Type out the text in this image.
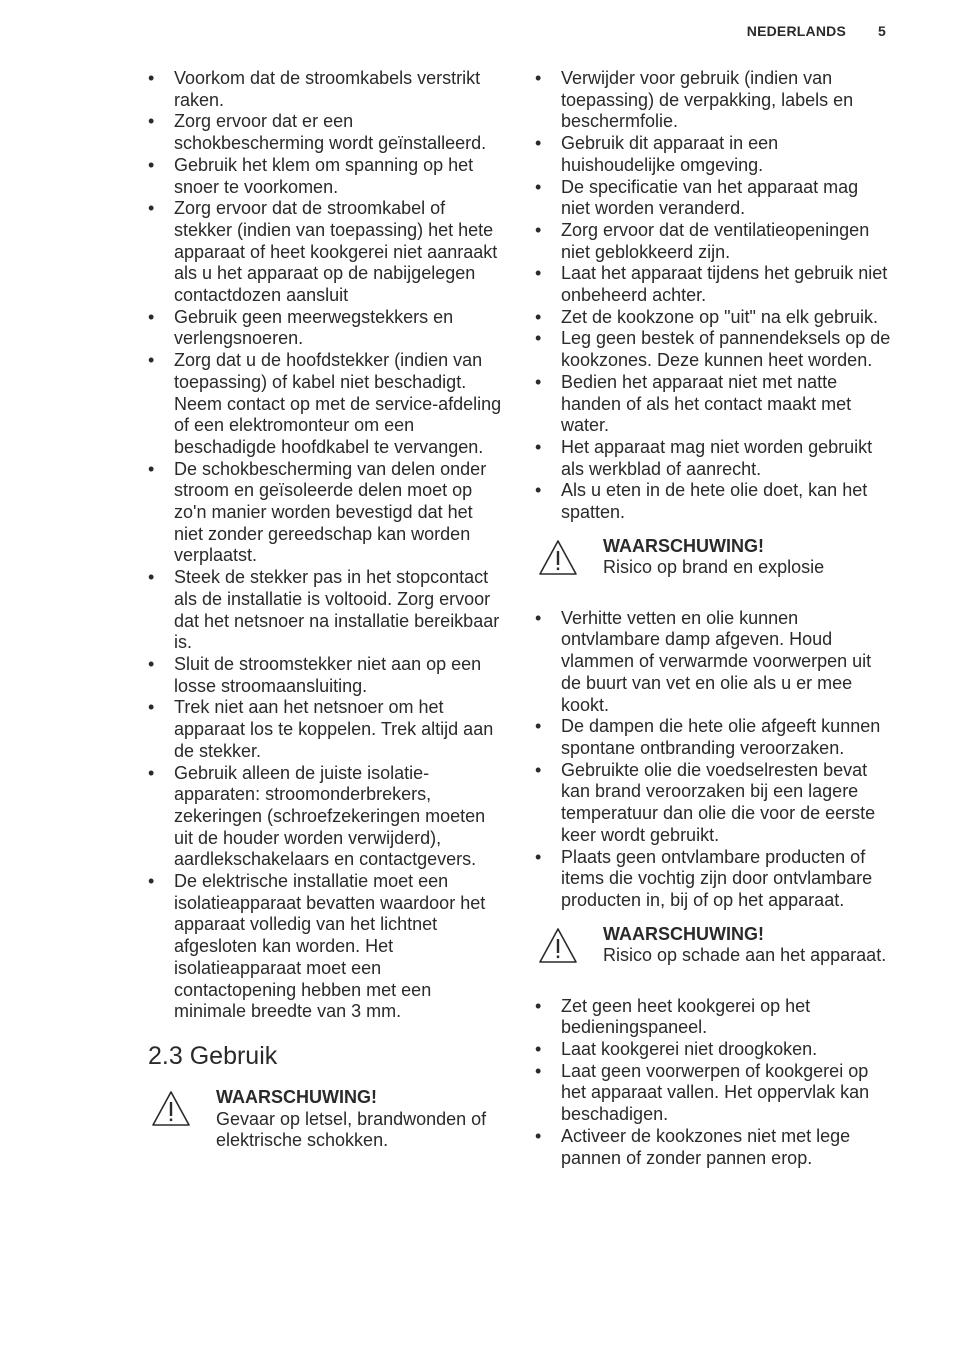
NEDERLANDS 5
• Voorkom dat de stroomkabels verstrikt raken.
• Zorg ervoor dat er een schokbescherming wordt geïnstalleerd.
• Gebruik het klem om spanning op het snoer te voorkomen.
• Zorg ervoor dat de stroomkabel of stekker (indien van toepassing) het hete apparaat of heet kookgerei niet aanraakt als u het apparaat op de nabijgelegen contactdozen aansluit
• Gebruik geen meerwegstekkers en verlengsnoeren.
• Zorg dat u de hoofdstekker (indien van toepassing) of kabel niet beschadigt. Neem contact op met de service-afdeling of een elektromonteur om een beschadigde hoofdkabel te vervangen.
• De schokbescherming van delen onder stroom en geïsoleerde delen moet op zo'n manier worden bevestigd dat het niet zonder gereedschap kan worden verplaatst.
• Steek de stekker pas in het stopcontact als de installatie is voltooid. Zorg ervoor dat het netsnoer na installatie bereikbaar is.
• Sluit de stroomstekker niet aan op een losse stroomaansluiting.
• Trek niet aan het netsnoer om het apparaat los te koppelen. Trek altijd aan de stekker.
• Gebruik alleen de juiste isolatie-apparaten: stroomonderbrekers, zekeringen (schroefzekeringen moeten uit de houder worden verwijderd), aardlekschakelaars en contactgevers.
• De elektrische installatie moet een isolatieapparaat bevatten waardoor het apparaat volledig van het lichtnet afgesloten kan worden. Het isolatieapparaat moet een contactopening hebben met een minimale breedte van 3 mm.
2.3 Gebruik
WAARSCHUWING!
Gevaar op letsel, brandwonden of elektrische schokken.
• Verwijder voor gebruik (indien van toepassing) de verpakking, labels en beschermfolie.
• Gebruik dit apparaat in een huishoudelijke omgeving.
• De specificatie van het apparaat mag niet worden veranderd.
• Zorg ervoor dat de ventilatieopeningen niet geblokkeerd zijn.
• Laat het apparaat tijdens het gebruik niet onbeheerd achter.
• Zet de kookzone op "uit" na elk gebruik.
• Leg geen bestek of pannendeksels op de kookzones. Deze kunnen heet worden.
• Bedien het apparaat niet met natte handen of als het contact maakt met water.
• Het apparaat mag niet worden gebruikt als werkblad of aanrecht.
• Als u eten in de hete olie doet, kan het spatten.
WAARSCHUWING!
Risico op brand en explosie
• Verhitte vetten en olie kunnen ontvlambare damp afgeven. Houd vlammen of verwarmde voorwerpen uit de buurt van vet en olie als u er mee kookt.
• De dampen die hete olie afgeeft kunnen spontane ontbranding veroorzaken.
• Gebruikte olie die voedselresten bevat kan brand veroorzaken bij een lagere temperatuur dan olie die voor de eerste keer wordt gebruikt.
• Plaats geen ontvlambare producten of items die vochtig zijn door ontvlambare producten in, bij of op het apparaat.
WAARSCHUWING!
Risico op schade aan het apparaat.
• Zet geen heet kookgerei op het bedieningspaneel.
• Laat kookgerei niet droogkoken.
• Laat geen voorwerpen of kookgerei op het apparaat vallen. Het oppervlak kan beschadigen.
• Activeer de kookzones niet met lege pannen of zonder pannen erop.
